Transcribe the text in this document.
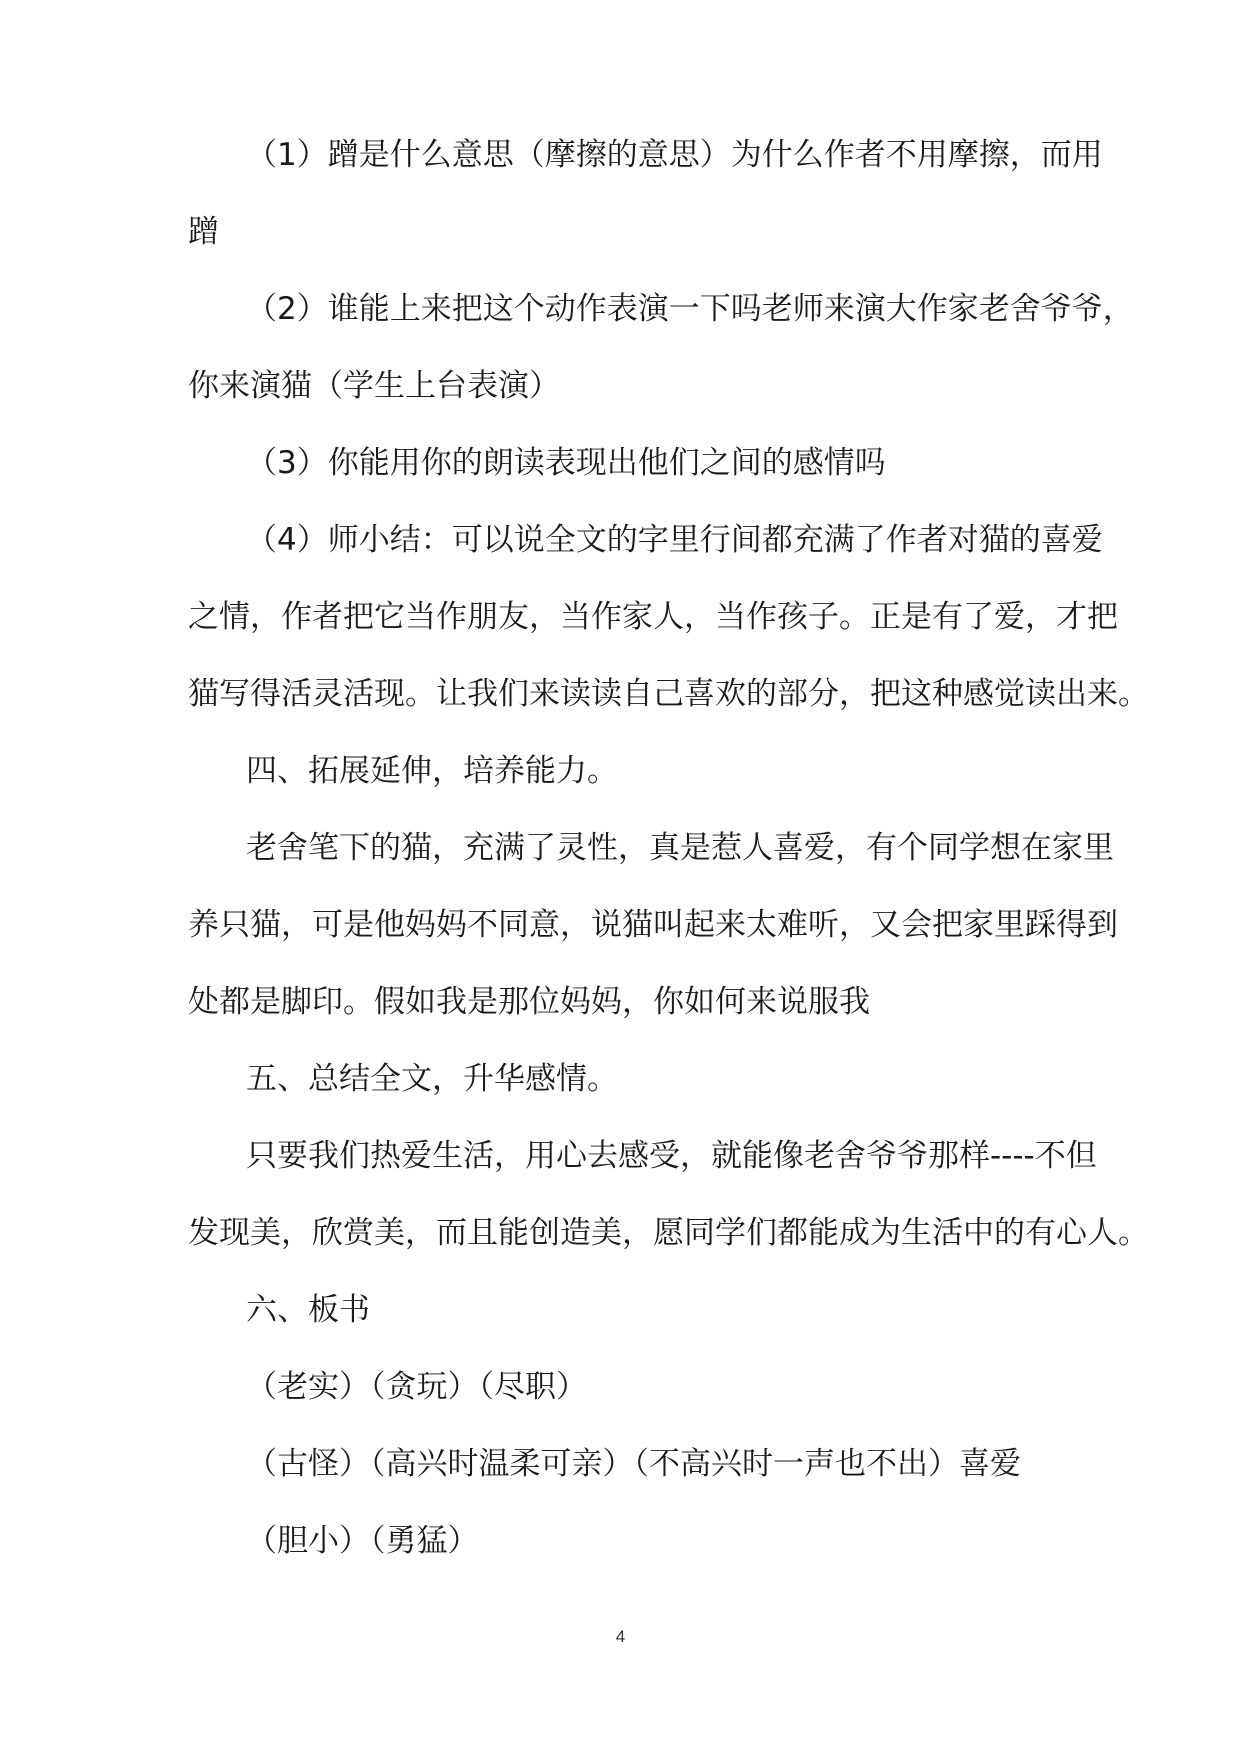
（1）蹭是什么意思（摩擦的意思）为什么作者不用摩擦，而用
蹭
（2）谁能上来把这个动作表演一下吗老师来演大作家老舍爷爷，
你来演猫（学生上台表演）
（3）你能用你的朗读表现出他们之间的感情吗
（4）师小结：可以说全文的字里行间都充满了作者对猫的喜爱
之情，作者把它当作朋友，当作家人，当作孩子。正是有了爱，才把
猫写得活灵活现。让我们来读读自己喜欢的部分，把这种感觉读出来。
四、拓展延伸，培养能力。
老舍笔下的猫，充满了灵性，真是惹人喜爱，有个同学想在家里
养只猫，可是他妈妈不同意，说猫叫起来太难听，又会把家里踩得到
处都是脚印。假如我是那位妈妈，你如何来说服我
五、总结全文，升华感情。
只要我们热爱生活，用心去感受，就能像老舍爷爷那样----不但
发现美，欣赏美，而且能创造美，愿同学们都能成为生活中的有心人。
六、板书
（老实）（贪玩）（尽职）
（古怪）（高兴时温柔可亲）（不高兴时一声也不出）喜爱
（胆小）（勇猛）
4
